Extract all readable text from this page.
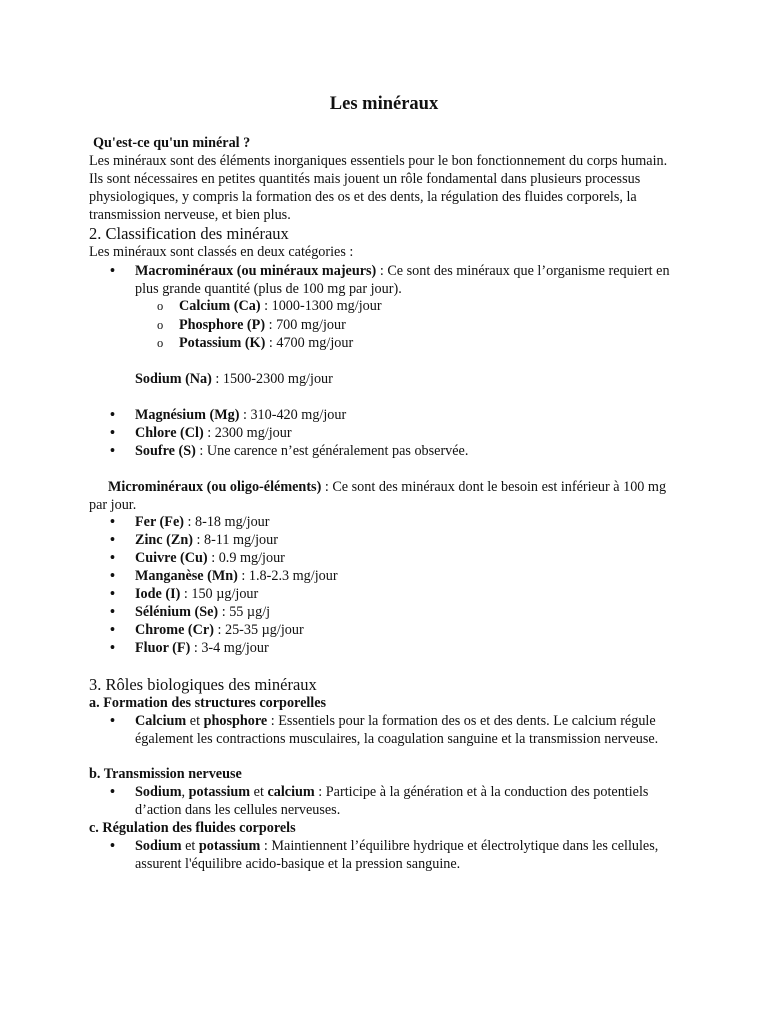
Les minéraux
Qu'est-ce qu'un minéral ?
Les minéraux sont des éléments inorganiques essentiels pour le bon fonctionnement du corps humain. Ils sont nécessaires en petites quantités mais jouent un rôle fondamental dans plusieurs processus physiologiques, y compris la formation des os et des dents, la régulation des fluides corporels, la transmission nerveuse, et bien plus.
2. Classification des minéraux
Les minéraux sont classés en deux catégories :
• Macrominéraux (ou minéraux majeurs) : Ce sont des minéraux que l’organisme requiert en plus grande quantité (plus de 100 mg par jour).
o Calcium (Ca) : 1000-1300 mg/jour
o Phosphore (P) : 700 mg/jour
o Potassium (K) : 4700 mg/jour
Sodium (Na) : 1500-2300 mg/jour
• Magnésium (Mg) : 310-420 mg/jour
• Chlore (Cl) : 2300 mg/jour
• Soufre (S) : Une carence n’est généralement pas observée.
Microminéraux (ou oligo-éléments) : Ce sont des minéraux dont le besoin est inférieur à 100 mg par jour.
• Fer (Fe) : 8-18 mg/jour
• Zinc (Zn) : 8-11 mg/jour
• Cuivre (Cu) : 0.9 mg/jour
• Manganèse (Mn) : 1.8-2.3 mg/jour
• Iode (I) : 150 µg/jour
• Sélénium (Se) : 55 µg/j
• Chrome (Cr) : 25-35 µg/jour
• Fluor (F) : 3-4 mg/jour
3. Rôles biologiques des minéraux
a. Formation des structures corporelles
• Calcium et phosphore : Essentiels pour la formation des os et des dents. Le calcium régule également les contractions musculaires, la coagulation sanguine et la transmission nerveuse.
b. Transmission nerveuse
• Sodium, potassium et calcium : Participe à la génération et à la conduction des potentiels d’action dans les cellules nerveuses.
c. Régulation des fluides corporels
• Sodium et potassium : Maintiennent l’équilibre hydrique et électrolytique dans les cellules, assurent l'équilibre acido-basique et la pression sanguine.
